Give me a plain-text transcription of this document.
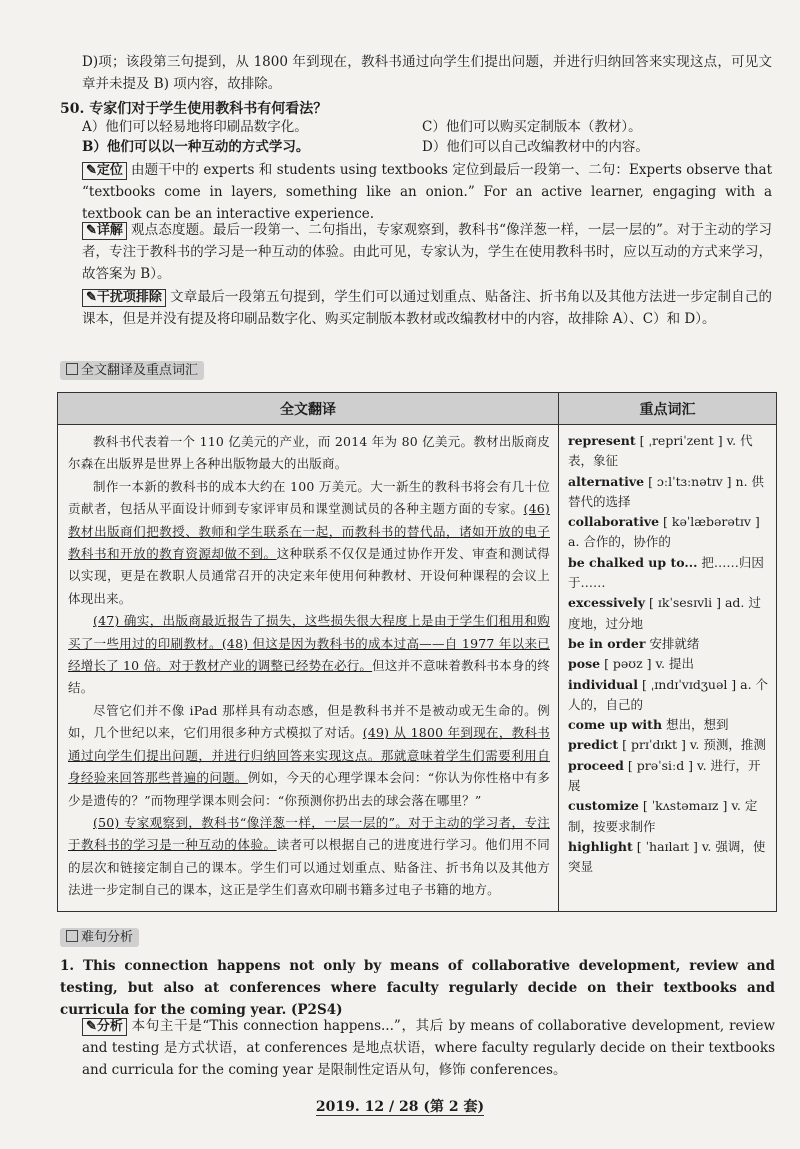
D)项；该段第三句提到，从 1800 年到现在，教科书通过向学生们提出问题，并进行归纳回答来实现这点，可见文章并未提及 B) 项内容，故排除。

50. 专家们对于学生使用教科书有何看法？
A）他们可以轻易地将印刷品数字化。	C）他们可以购买定制版本（教材）。
B）他们可以以一种互动的方式学习。	D）他们可以自己改编教材中的内容。

✎定位 由题干中的 experts 和 students using textbooks 定位到最后一段第一、二句：Experts observe that “textbooks come in layers, something like an onion.” For an active learner, engaging with a textbook can be an interactive experience.

✎详解 观点态度题。最后一段第一、二句指出，专家观察到，教科书“像洋葱一样，一层一层的”。对于主动的学习者，专注于教科书的学习是一种互动的体验。由此可见，专家认为，学生在使用教科书时，应以互动的方式来学习，故答案为 B）。

✎干扰项排除 文章最后一段第五句提到，学生们可以通过划重点、贴备注、折书角以及其他方法进一步定制自己的课本，但是并没有提及将印刷品数字化、购买定制版本教材或改编教材中的内容，故排除 A）、C）和 D）。

全文翻译及重点词汇
全文翻译	重点词汇

教科书代表着一个 110 亿美元的产业，而 2014 年为 80 亿美元。教材出版商皮尔森在出版界是世界上各种出版物最大的出版商。

制作一本新的教科书的成本大约在 100 万美元。大一新生的教科书将会有几十位贡献者，包括从平面设计师到专家评审员和课堂测试员的各种主题方面的专家。(46) 教材出版商们把教授、教师和学生联系在一起，而教科书的替代品，诸如开放的电子教科书和开放的教育资源却做不到。这种联系不仅仅是通过协作开发、审查和测试得以实现，更是在教职人员通常召开的决定来年使用何种教材、开设何种课程的会议上体现出来。

(47) 确实，出版商最近报告了损失，这些损失很大程度上是由于学生们租用和购买了一些用过的印刷教材。(48) 但这是因为教科书的成本过高——自 1977 年以来已经增长了 10 倍。对于教材产业的调整已经势在必行。但这并不意味着教科书本身的终结。

尽管它们并不像 iPad 那样具有动态感，但是教科书并不是被动或无生命的。例如，几个世纪以来，它们用很多种方式模拟了对话。(49) 从 1800 年到现在，教科书通过向学生们提出问题，并进行归纳回答来实现这点。那就意味着学生们需要利用自身经验来回答那些普遍的问题。例如，今天的心理学课本会问：“你认为你性格中有多少是遗传的？”而物理学课本则会问：“你预测你扔出去的球会落在哪里？”

(50) 专家观察到，教科书“像洋葱一样，一层一层的”。对于主动的学习者，专注于教科书的学习是一种互动的体验。读者可以根据自己的进度进行学习。他们用不同的层次和链接定制自己的课本。学生们可以通过划重点、贴备注、折书角以及其他方法进一步定制自己的课本，这正是学生们喜欢印刷书籍多过电子书籍的地方。

represent [ ˌrepriˈzent ] v. 代表，象征
alternative [ ɔːlˈtɜːnətɪv ] n. 供替代的选择
collaborative [ kəˈlæbərətɪv ] a. 合作的，协作的
be chalked up to... 把……归因于……
excessively [ ɪkˈsesɪvli ] ad. 过度地，过分地
be in order 安排就绪
pose [ pəʊz ] v. 提出
individual [ ˌɪndɪˈvɪdʒuəl ] a. 个人的，自己的
come up with 想出，想到
predict [ prɪˈdɪkt ] v. 预测，推测
proceed [ prəˈsiːd ] v. 进行，开展
customize [ ˈkʌstəmaɪz ] v. 定制，按要求制作
highlight [ ˈhaɪlaɪt ] v. 强调，使突显
难句分析

1. This connection happens not only by means of collaborative development, review and testing, but also at conferences where faculty regularly decide on their textbooks and curricula for the coming year. (P2S4)

✎分析 本句主干是“This connection happens...”，其后 by means of collaborative development, review and testing 是方式状语，at conferences 是地点状语，where faculty regularly decide on their textbooks and curricula for the coming year 是限制性定语从句，修饰 conferences。

2019. 12 / 28 (第 2 套)
